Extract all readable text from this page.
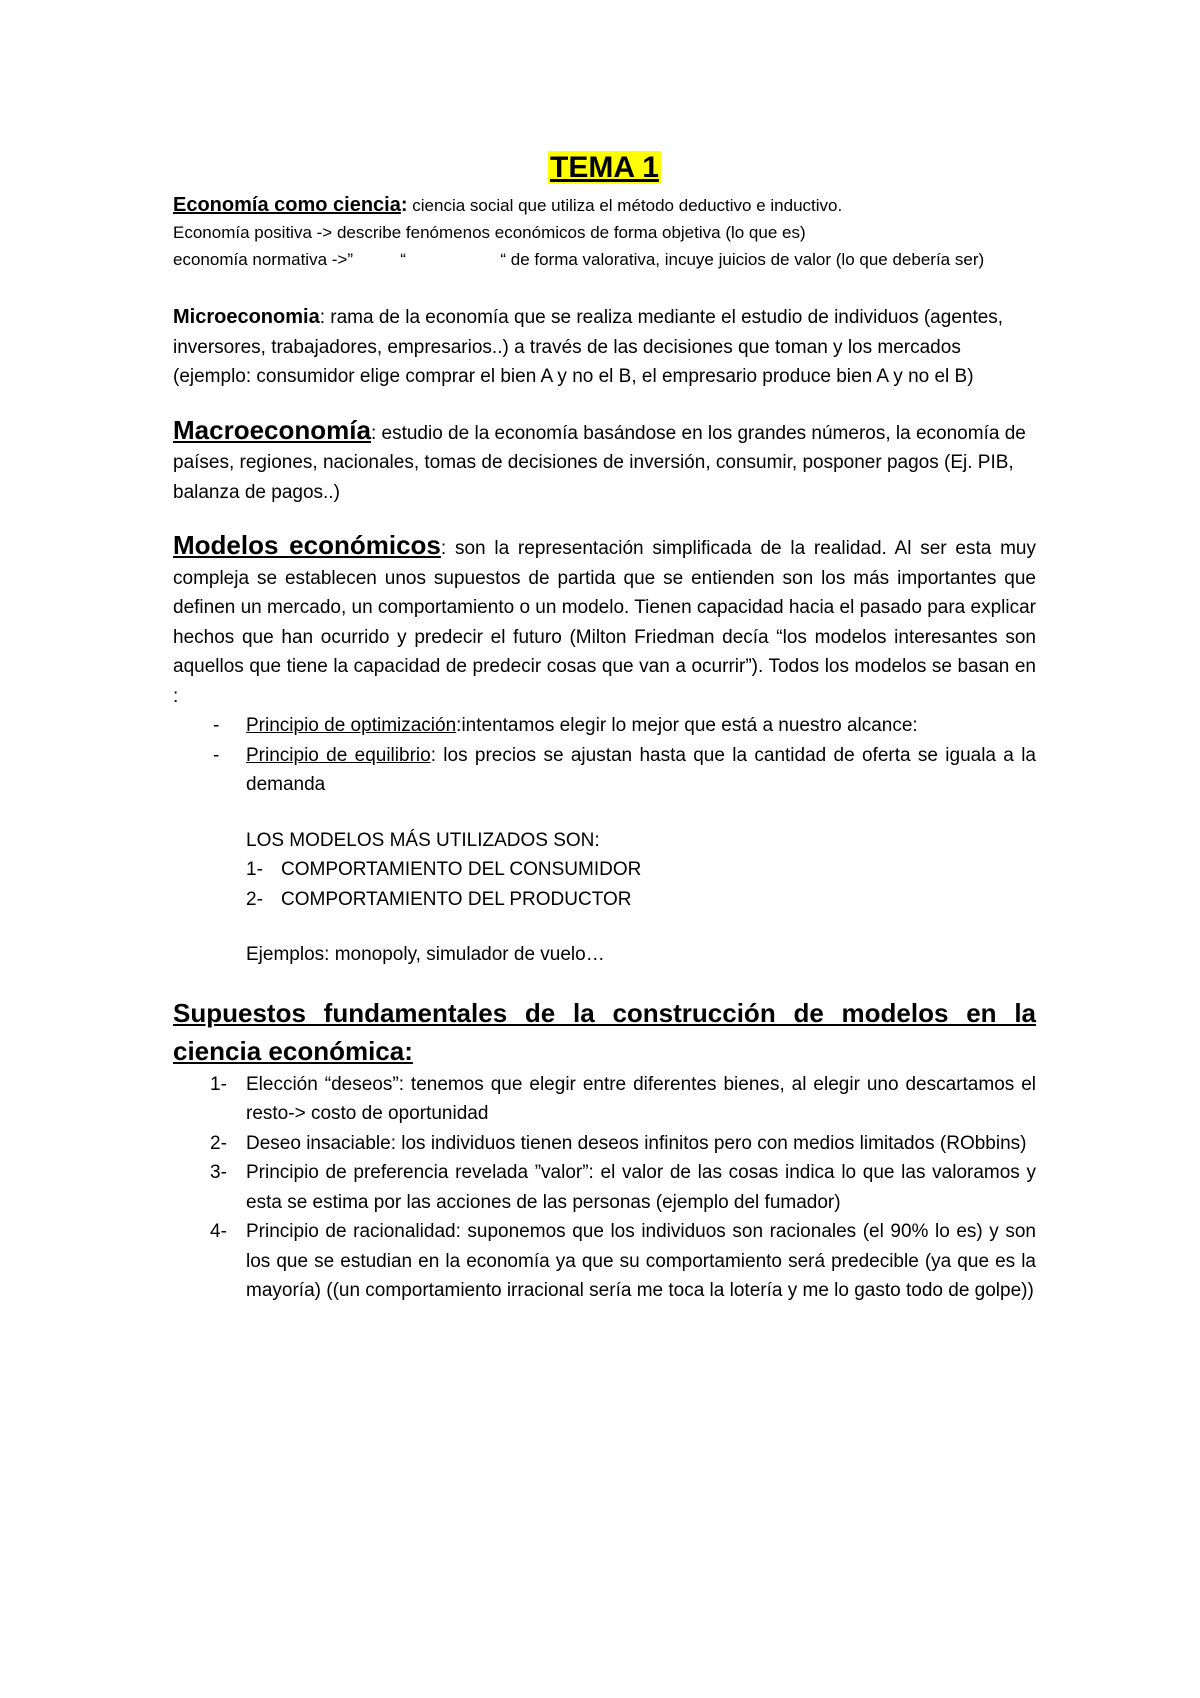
TEMA 1

Economía como ciencia: ciencia social que utiliza el método deductivo e inductivo.

Economía positiva -> describe fenómenos económicos de forma objetiva (lo que es)

economía normativa ->”          “                    “ de forma valorativa, incuye juicios de valor (lo que debería ser)

Microeconomia: rama de la economía que se realiza mediante el estudio de individuos (agentes, inversores, trabajadores, empresarios..) a través de las decisiones que toman y los mercados (ejemplo: consumidor elige comprar el bien A y no el B, el empresario produce bien A y no el B)

Macroeconomía: estudio de la economía basándose en los grandes números, la economía de países, regiones, nacionales, tomas de decisiones de inversión, consumir, posponer pagos (Ej. PIB, balanza de pagos..)

Modelos económicos: son la representación simplificada de la realidad. Al ser esta muy compleja se establecen unos supuestos de partida que se entienden son los más importantes que definen un mercado, un comportamiento o un modelo. Tienen capacidad hacia el pasado para explicar hechos que han ocurrido y predecir el futuro (Milton Friedman decía “los modelos interesantes son aquellos que tiene la capacidad de predecir cosas que van a ocurrir”). Todos los modelos se basan en :

- Principio de optimización:intentamos elegir lo mejor que está a nuestro alcance:
- Principio de equilibrio: los precios se ajustan hasta que la cantidad de oferta se iguala a la demanda

LOS MODELOS MÁS UTILIZADOS SON:

1- COMPORTAMIENTO DEL CONSUMIDOR
2- COMPORTAMIENTO DEL PRODUCTOR

Ejemplos: monopoly, simulador de vuelo…

Supuestos fundamentales de la construcción de modelos en la ciencia económica:

1- Elección “deseos”: tenemos que elegir entre diferentes bienes, al elegir uno descartamos el resto-> costo de oportunidad
2- Deseo insaciable: los individuos tienen deseos infinitos pero con medios limitados (RObbins)
3- Principio de preferencia revelada ”valor”: el valor de las cosas indica lo que las valoramos y esta se estima por las acciones de las personas (ejemplo del fumador)
4- Principio de racionalidad: suponemos que los individuos son racionales (el 90% lo es) y son los que se estudian en la economía ya que su comportamiento será predecible (ya que es la mayoría) ((un comportamiento irracional sería me toca la lotería y me lo gasto todo de golpe))
